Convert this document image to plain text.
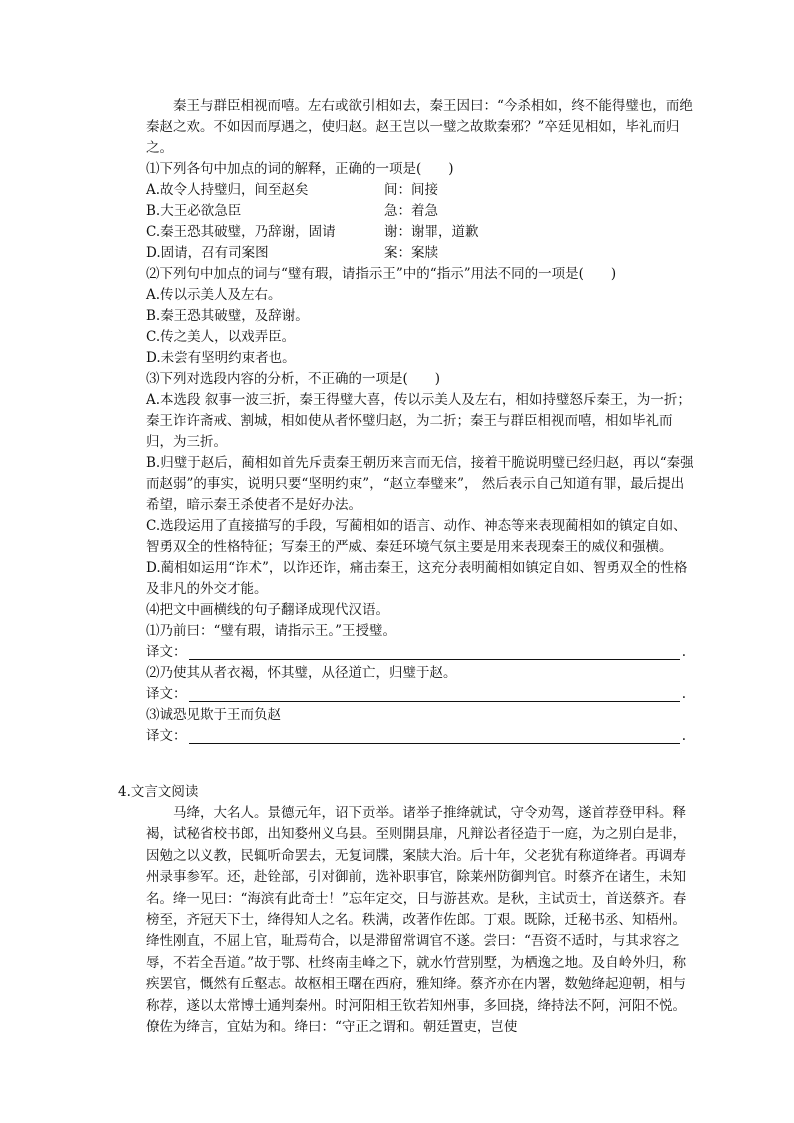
秦王与群臣相视而嘻。左右或欲引相如去，秦王因曰：“今杀相如，终不能得璧也，而绝秦赵之欢。不如因而厚遇之，使归赵。赵王岂以一璧之故欺秦邪？”卒廷见相如，毕礼而归之。

⑴下列各句中加点的词的解释，正确的一项是(　　)

A.故令人持璧归，间至赵矣	间：间接

B.大王必欲急臣	急：着急

C.秦王恐其破璧，乃辞谢，固请	谢：谢罪，道歉

D.固请，召有司案图	案：案牍

⑵下列句中加点的词与“璧有瑕，请指示王”中的“指示”用法不同的一项是(　　)

A.传以示美人及左右。

B.秦王恐其破璧，及辞谢。

C.传之美人，以戏弄臣。

D.未尝有坚明约束者也。

⑶下列对选段内容的分析，不正确的一项是(　　)

A.本选段 叙事一波三折，秦王得璧大喜，传以示美人及左右，相如持璧怒斥秦王，为一折；秦王诈许斋戒、割城，相如使从者怀璧归赵，为二折；秦王与群臣相视而嘻，相如毕礼而归，为三折。

B.归璧于赵后，蔺相如首先斥责秦王朝历来言而无信，接着干脆说明璧已经归赵，再以“秦强而赵弱”的事实，说明只要“坚明约束”，“赵立奉璧来”， 然后表示自己知道有罪，最后提出希望，暗示秦王杀使者不是好办法。

C.选段运用了直接描写的手段，写蔺相如的语言、动作、神态等来表现蔺相如的镇定自如、智勇双全的性格特征；写秦王的严威、秦廷环境气氛主要是用来表现秦王的威仪和强横。

D.蔺相如运用“诈术”，以诈还诈，痛击秦王，这充分表明蔺相如镇定自如、智勇双全的性格及非凡的外交才能。

⑷把文中画横线的句子翻译成现代汉语。

⑴乃前曰：“璧有瑕，请指示王。”王授璧。

译文：	.

⑵乃使其从者衣褐，怀其璧，从径道亡，归璧于赵。

译文：	.

⑶诚恐见欺于王而负赵

译文：	.

4.文言文阅读

马绛，大名人。景德元年，诏下贡举。诸举子推绛就试，守令劝驾，遂首荐登甲科。释褐，试秘省校书郎，出知婺州义乌县。至则開县扉，凡辩讼者径造于一庭，为之别白是非，因勉之以义教，民辄听命罢去，无复词牒，案牍大治。后十年，父老犹有称道绛者。再调寿州录事参军。还，赴铨部，引对御前，选补职事官，除莱州防御判官。时蔡齐在诸生，未知名。绛一见曰：“海滨有此奇士！”忘年定交，日与游甚欢。是秋，主试贡士，首送蔡齐。春榜至，齐冠天下士，绛得知人之名。秩满，改著作佐郎。丁艰。既除，迁秘书丞、知梧州。绛性刚直，不屈上官，耻焉苟合，以是滞留常调官不遂。尝曰：“吾资不适时，与其求容之辱，不若全吾道。”故于鄂、杜终南圭峰之下，就水竹营别墅，为栖逸之地。及自岭外归，称疾罢官，慨然有丘壑志。故枢相王曙在西府，雅知绛。蔡齐亦在内署，数勉绛起迎朝，相与称荐，遂以太常博士通判秦州。时河阳相王钦若知州事，多回挠，绛持法不阿，河阳不悦。僚佐为绛言，宜姑为和。绛曰：“守正之谓和。朝廷置吏，岂使
